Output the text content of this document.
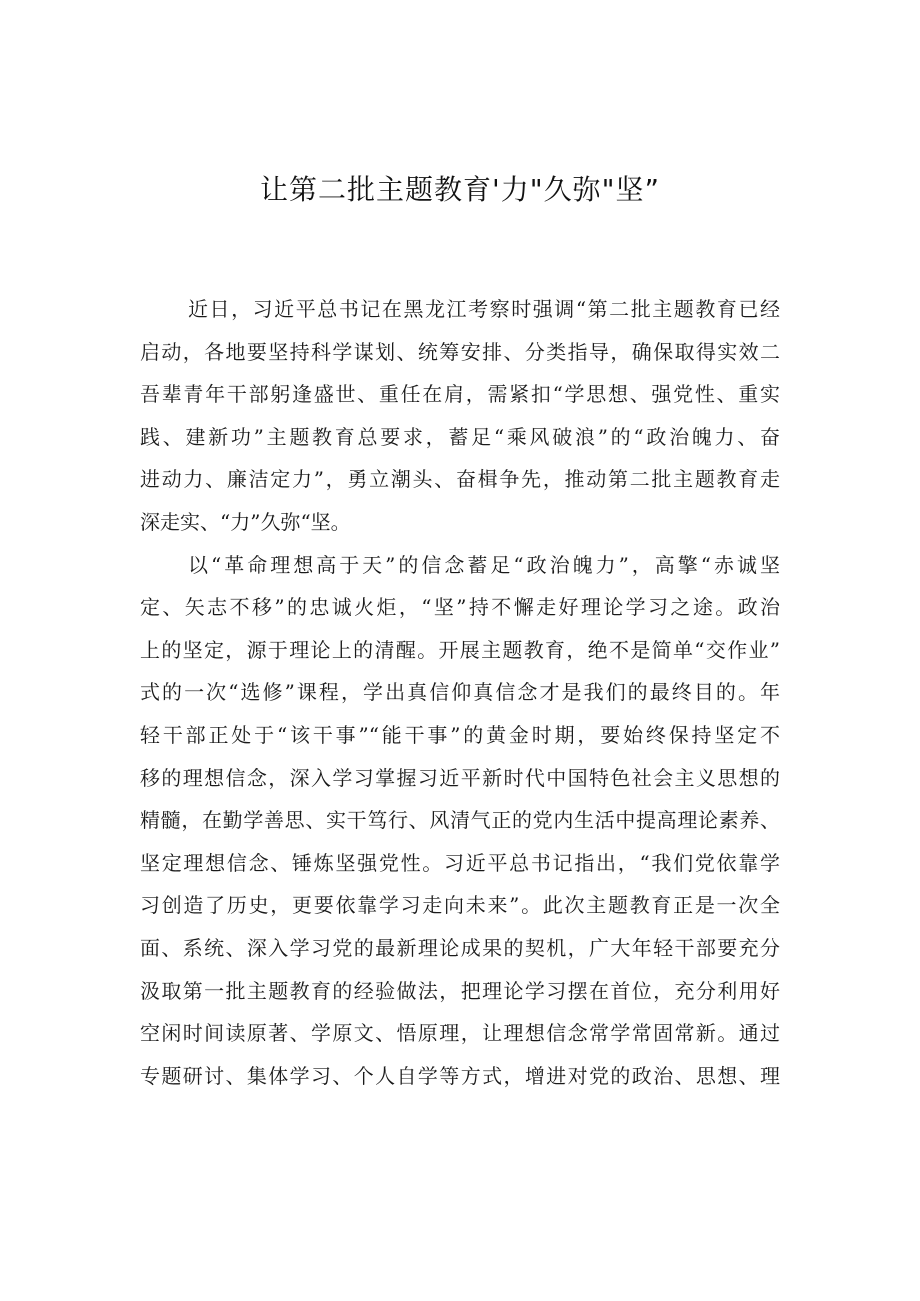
让第二批主题教育'力"久弥"坚”
近日，习近平总书记在黑龙江考察时强调“第二批主题教育已经
启动，各地要坚持科学谋划、统筹安排、分类指导，确保取得实效二
吾辈青年干部躬逢盛世、重任在肩，需紧扣“学思想、强党性、重实
践、建新功”主题教育总要求，蓄足“乘风破浪”的“政治魄力、奋
进动力、廉洁定力”，勇立潮头、奋楫争先，推动第二批主题教育走
深走实、“力”久弥“坚。
以“革命理想高于天”的信念蓄足“政治魄力”，高擎“赤诚坚
定、矢志不移”的忠诚火炬，“坚”持不懈走好理论学习之途。政治
上的坚定，源于理论上的清醒。开展主题教育，绝不是简单“交作业”
式的一次“选修”课程，学出真信仰真信念才是我们的最终目的。年
轻干部正处于“该干事”“能干事”的黄金时期，要始终保持坚定不
移的理想信念，深入学习掌握习近平新时代中国特色社会主义思想的
精髓，在勤学善思、实干笃行、风清气正的党内生活中提高理论素养、
坚定理想信念、锤炼坚强党性。习近平总书记指出，“我们党依靠学
习创造了历史，更要依靠学习走向未来”。此次主题教育正是一次全
面、系统、深入学习党的最新理论成果的契机，广大年轻干部要充分
汲取第一批主题教育的经验做法，把理论学习摆在首位，充分利用好
空闲时间读原著、学原文、悟原理，让理想信念常学常固常新。通过
专题研讨、集体学习、个人自学等方式，增进对党的政治、思想、理
